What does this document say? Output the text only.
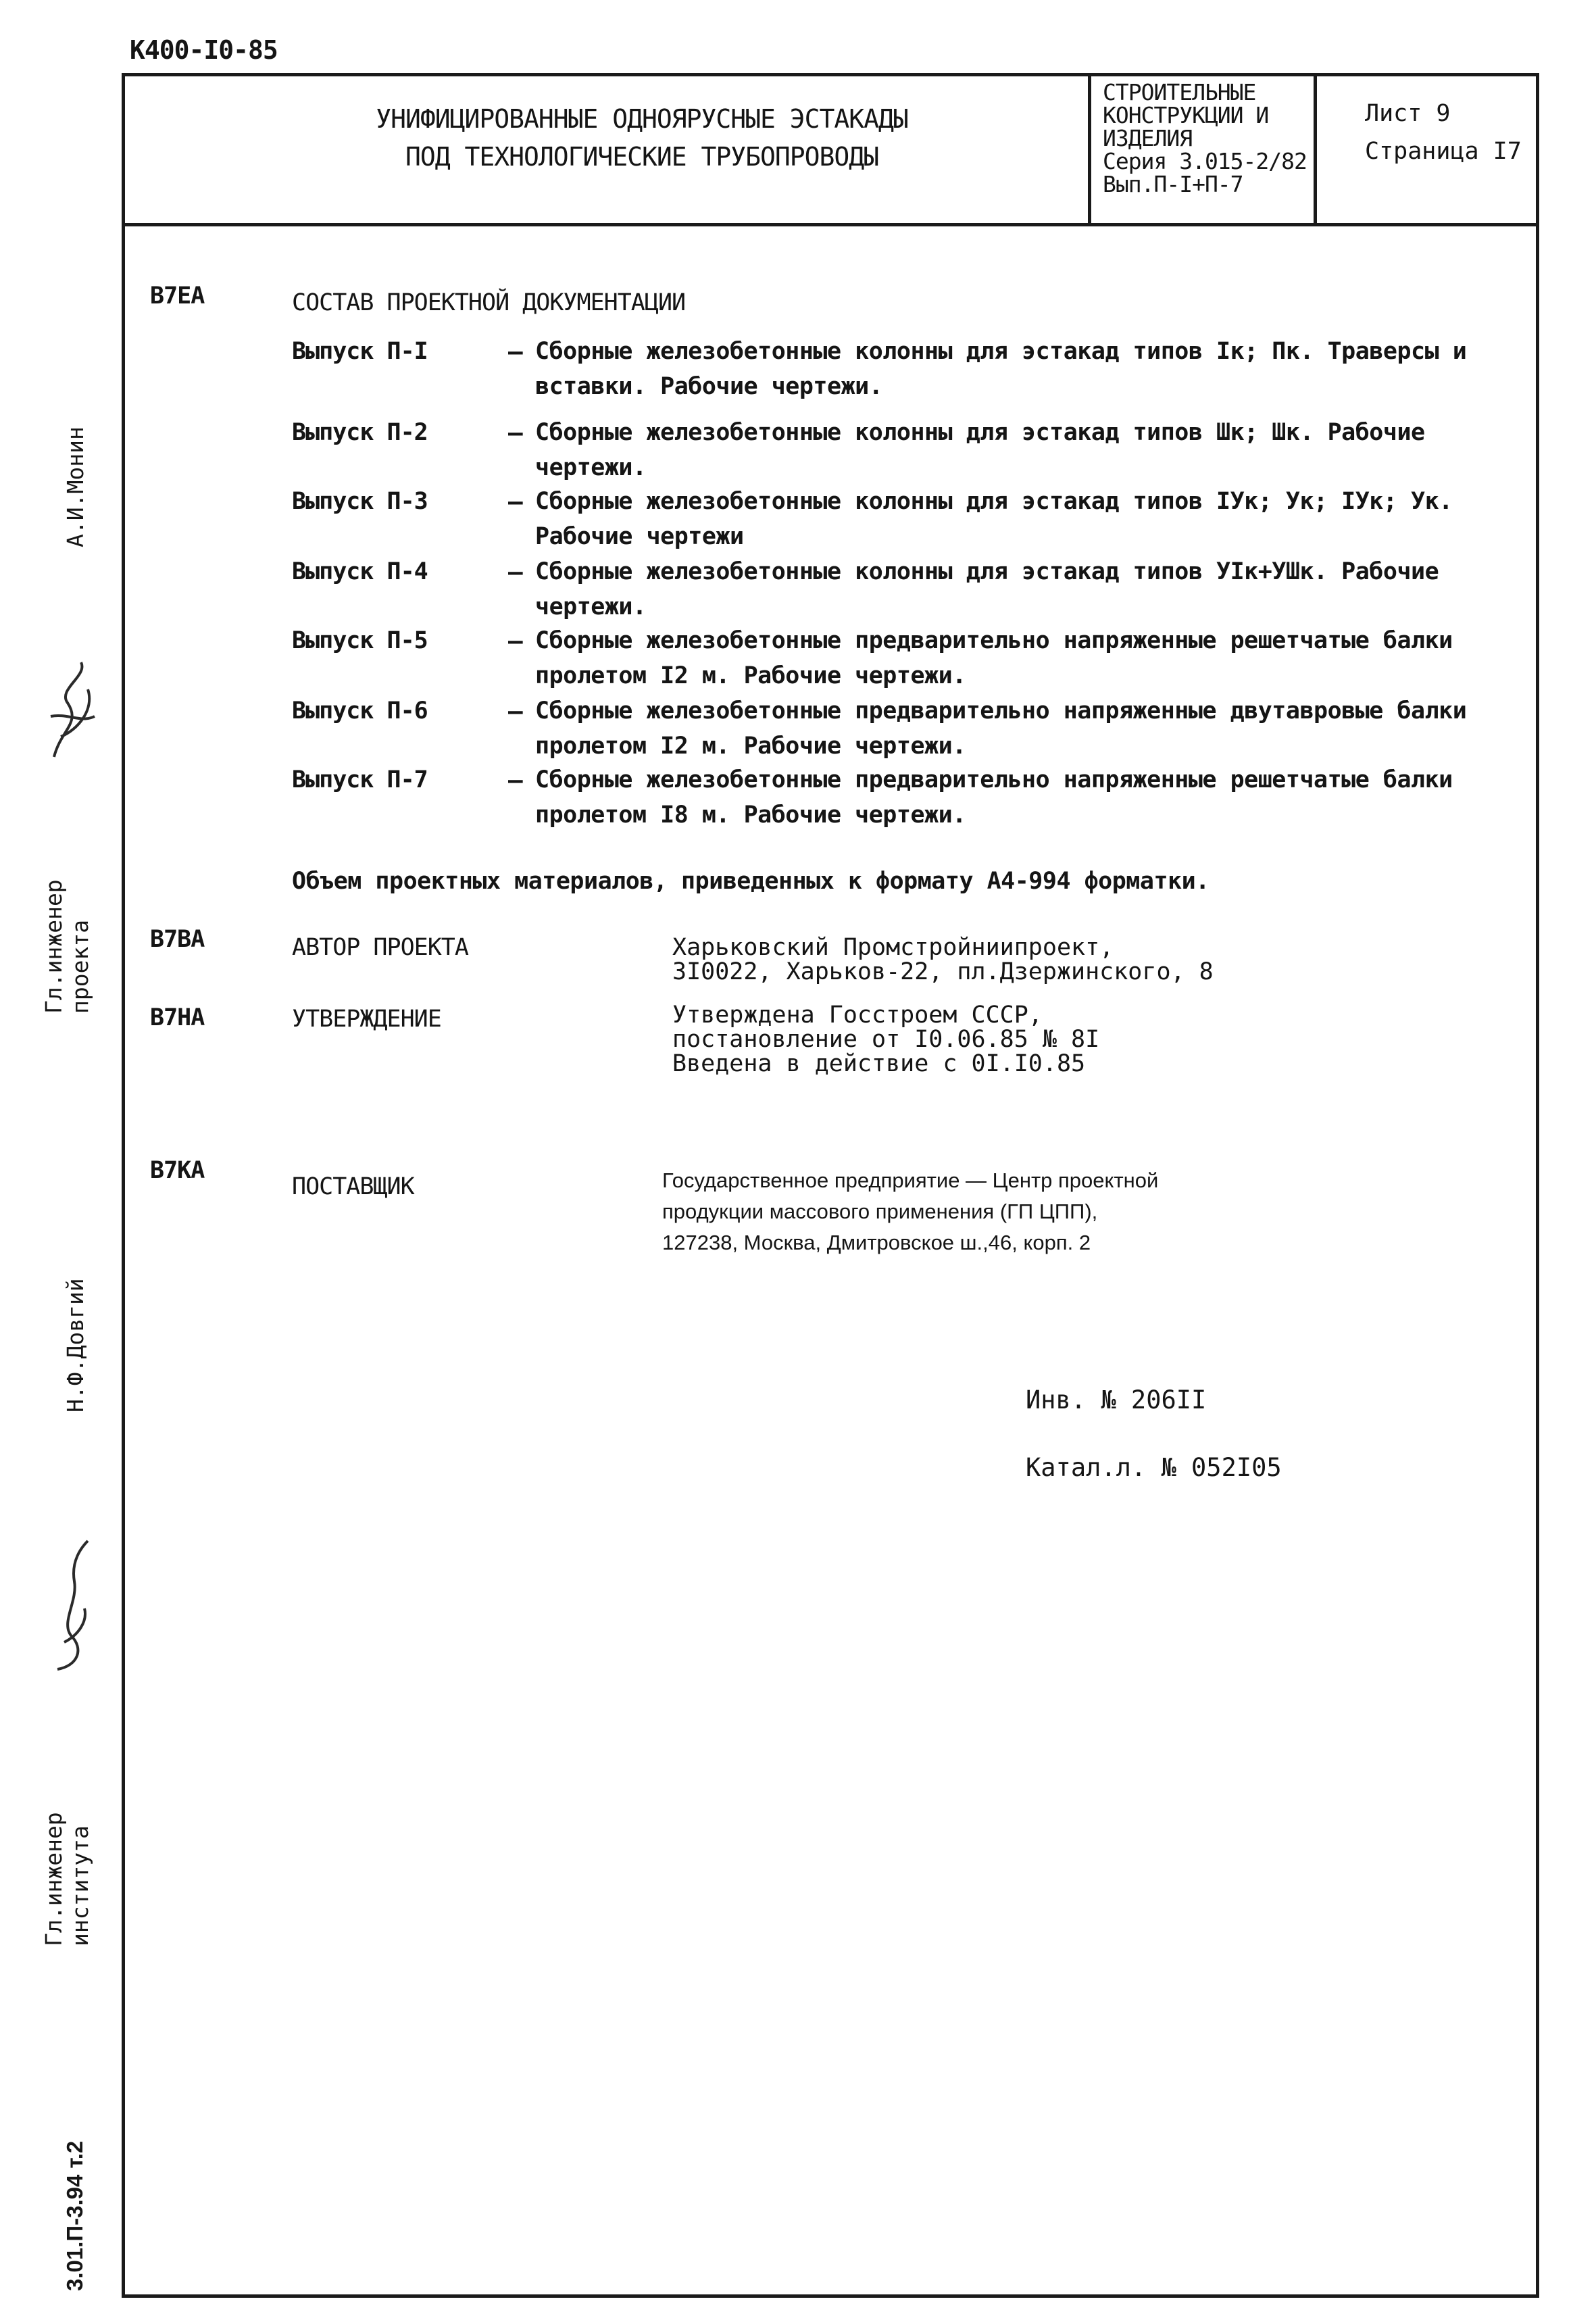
К400-I0-85
УНИФИЦИРОВАННЫЕ ОДНОЯРУСНЫЕ ЭСТАКАДЫ
ПОД ТЕХНОЛОГИЧЕСКИЕ ТРУБОПРОВОДЫ
СТРОИТЕЛЬНЫЕ
КОНСТРУКЦИИ И
ИЗДЕЛИЯ
Серия 3.015-2/82
Вып.П-I+П-7
Лист 9
Страница I7
А.И.Монин
Гл.инженер проекта
Н.Ф.Довгий
Гл.инженер института
3.01.П-3.94 т.2
В7ЕА	СОСТАВ ПРОЕКТНОЙ ДОКУМЕНТАЦИИ
Выпуск П-I	– Сборные железобетонные колонны для эстакад типов Iк; Пк. Траверсы и
вставки. Рабочие чертежи.
Выпуск П-2	– Сборные железобетонные колонны для эстакад типов Шк; Шк. Рабочие
чертежи.
Выпуск П-3	– Сборные железобетонные колонны для эстакад типов IУк; Ук; IУк; Ук.
Рабочие чертежи
Выпуск П-4	– Сборные железобетонные колонны для эстакад типов УIк+УШк. Рабочие
чертежи.
Выпуск П-5	– Сборные железобетонные предварительно напряженные решетчатые балки
пролетом I2 м. Рабочие чертежи.
Выпуск П-6	– Сборные железобетонные предварительно напряженные двутавровые балки
пролетом I2 м. Рабочие чертежи.
Выпуск П-7	– Сборные железобетонные предварительно напряженные решетчатые балки
пролетом I8 м. Рабочие чертежи.
Объем проектных материалов, приведенных к формату А4-994 форматки.
В7ВА	АВТОР ПРОЕКТА	Харьковский Промстройниипроект,
3I0022, Харьков-22, пл.Дзержинского, 8
В7НА	УТВЕРЖДЕНИЕ	Утверждена Госстроем СССР,
постановление от I0.06.85 № 8I
Введена в действие с 0I.I0.85
В7КА
ПОСТАВЩИК	Государственное предприятие — Центр проектной
продукции массового применения (ГП ЦПП),
127238, Москва, Дмитровское ш.,46, корп. 2
Инв. № 206II
Катал.л. № 052I05
